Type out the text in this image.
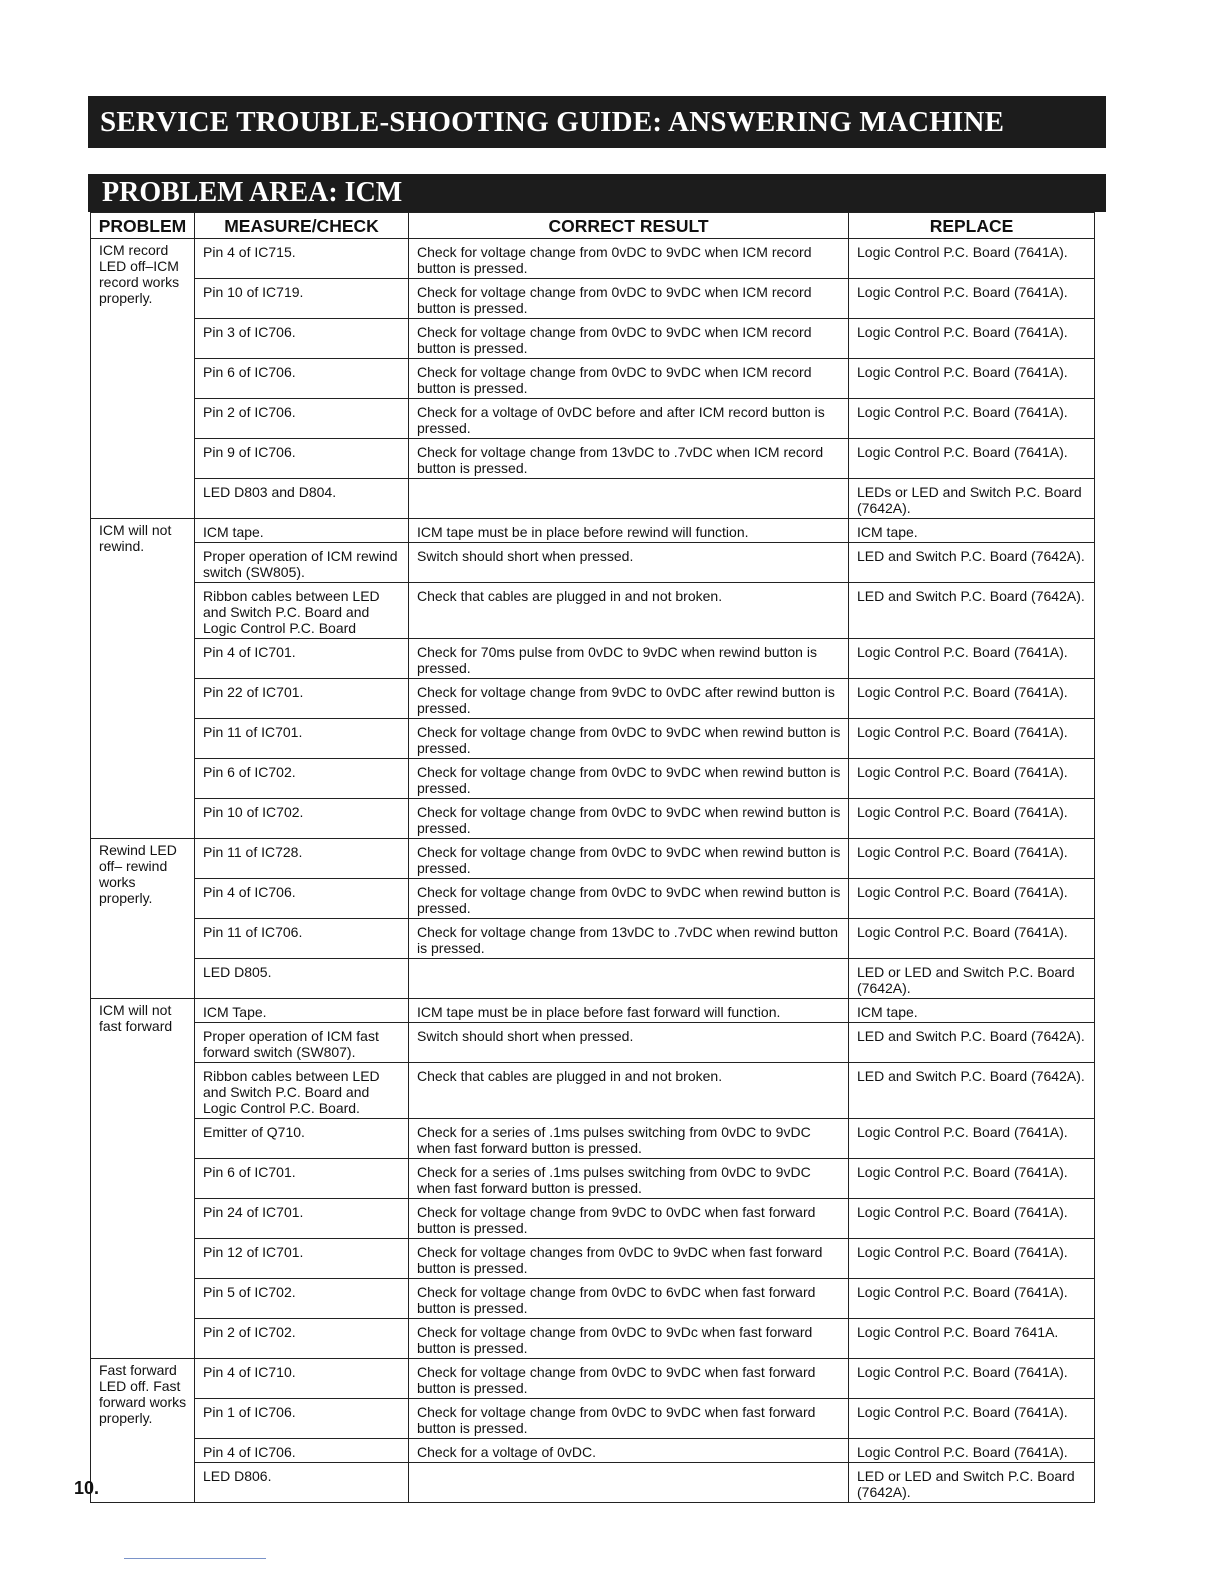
SERVICE TROUBLE-SHOOTING GUIDE: ANSWERING MACHINE
PROBLEM AREA: ICM
PROBLEM	MEASURE/CHECK	CORRECT RESULT	REPLACE
ICM record LED off–ICM record works properly.	Pin 4 of IC715.	Check for voltage change from 0vDC to 9vDC when ICM record button is pressed.	Logic Control P.C. Board (7641A).
	Pin 10 of IC719.	Check for voltage change from 0vDC to 9vDC when ICM record button is pressed.	Logic Control P.C. Board (7641A).
	Pin 3 of IC706.	Check for voltage change from 0vDC to 9vDC when ICM record button is pressed.	Logic Control P.C. Board (7641A).
	Pin 6 of IC706.	Check for voltage change from 0vDC to 9vDC when ICM record button is pressed.	Logic Control P.C. Board (7641A).
	Pin 2 of IC706.	Check for a voltage of 0vDC before and after ICM record button is pressed.	Logic Control P.C. Board (7641A).
	Pin 9 of IC706.	Check for voltage change from 13vDC to .7vDC when ICM record button is pressed.	Logic Control P.C. Board (7641A).
	LED D803 and D804.		LEDs or LED and Switch P.C. Board (7642A).
ICM will not rewind.	ICM tape.	ICM tape must be in place before rewind will function.	ICM tape.
	Proper operation of ICM rewind switch (SW805).	Switch should short when pressed.	LED and Switch P.C. Board (7642A).
	Ribbon cables between LED and Switch P.C. Board and Logic Control P.C. Board	Check that cables are plugged in and not broken.	LED and Switch P.C. Board (7642A).
	Pin 4 of IC701.	Check for 70ms pulse from 0vDC to 9vDC when rewind button is pressed.	Logic Control P.C. Board (7641A).
	Pin 22 of IC701.	Check for voltage change from 9vDC to 0vDC after rewind button is pressed.	Logic Control P.C. Board (7641A).
	Pin 11 of IC701.	Check for voltage change from 0vDC to 9vDC when rewind button is pressed.	Logic Control P.C. Board (7641A).
	Pin 6 of IC702.	Check for voltage change from 0vDC to 9vDC when rewind button is pressed.	Logic Control P.C. Board (7641A).
	Pin 10 of IC702.	Check for voltage change from 0vDC to 9vDC when rewind button is pressed.	Logic Control P.C. Board (7641A).
Rewind LED off– rewind works properly.	Pin 11 of IC728.	Check for voltage change from 0vDC to 9vDC when rewind button is pressed.	Logic Control P.C. Board (7641A).
	Pin 4 of IC706.	Check for voltage change from 0vDC to 9vDC when rewind button is pressed.	Logic Control P.C. Board (7641A).
	Pin 11 of IC706.	Check for voltage change from 13vDC to .7vDC when rewind button is pressed.	Logic Control P.C. Board (7641A).
	LED D805.		LED or LED and Switch P.C. Board (7642A).
ICM will not fast forward	ICM Tape.	ICM tape must be in place before fast forward will function.	ICM tape.
	Proper operation of ICM fast forward switch (SW807).	Switch should short when pressed.	LED and Switch P.C. Board (7642A).
	Ribbon cables between LED and Switch P.C. Board and Logic Control P.C. Board.	Check that cables are plugged in and not broken.	LED and Switch P.C. Board (7642A).
	Emitter of Q710.	Check for a series of .1ms pulses switching from 0vDC to 9vDC when fast forward button is pressed.	Logic Control P.C. Board (7641A).
	Pin 6 of IC701.	Check for a series of .1ms pulses switching from 0vDC to 9vDC when fast forward button is pressed.	Logic Control P.C. Board (7641A).
	Pin 24 of IC701.	Check for voltage change from 9vDC to 0vDC when fast forward button is pressed.	Logic Control P.C. Board (7641A).
	Pin 12 of IC701.	Check for voltage changes from 0vDC to 9vDC when fast forward button is pressed.	Logic Control P.C. Board (7641A).
	Pin 5 of IC702.	Check for voltage change from 0vDC to 6vDC when fast forward button is pressed.	Logic Control P.C. Board (7641A).
	Pin 2 of IC702.	Check for voltage change from 0vDC to 9vDc when fast forward button is pressed.	Logic Control P.C. Board 7641A.
Fast forward LED off. Fast forward works properly.	Pin 4 of IC710.	Check for voltage change from 0vDC to 9vDC when fast forward button is pressed.	Logic Control P.C. Board (7641A).
	Pin 1 of IC706.	Check for voltage change from 0vDC to 9vDC when fast forward button is pressed.	Logic Control P.C. Board (7641A).
	Pin 4 of IC706.	Check for a voltage of 0vDC.	Logic Control P.C. Board (7641A).
	LED D806.		LED or LED and Switch P.C. Board (7642A).
10.
